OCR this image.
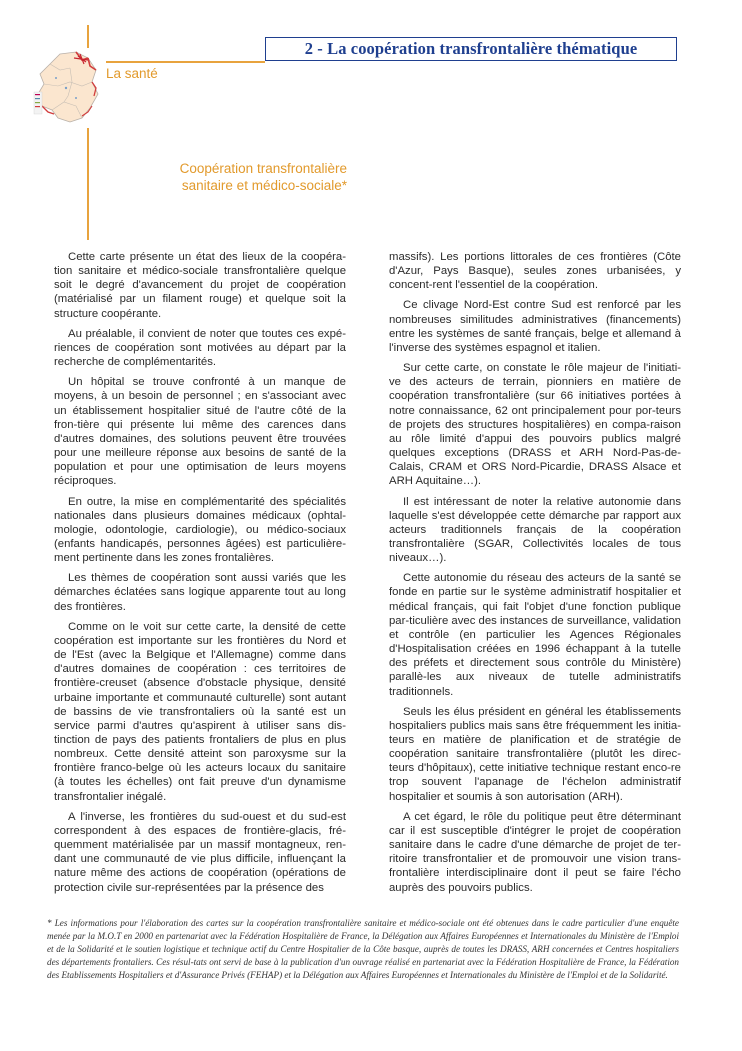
2 - La coopération transfrontalière thématique
La santé
Coopération transfrontalière
sanitaire et médico-sociale*

Cette carte présente un état des lieux de la coopéra-tion sanitaire et médico-sociale transfrontalière quelque soit le degré d'avancement du projet de coopération (matérialisé par un filament rouge) et quelque soit la structure coopérante.

Au préalable, il convient de noter que toutes ces expé-riences de coopération sont motivées au départ par la recherche de complémentarités.

Un hôpital se trouve confronté à un manque de moyens, à un besoin de personnel ; en s'associant avec un établissement hospitalier situé de l'autre côté de la fron-tière qui présente lui même des carences dans d'autres domaines, des solutions peuvent être trouvées pour une meilleure réponse aux besoins de santé de la population et pour une optimisation de leurs moyens réciproques.

En outre, la mise en complémentarité des spécialités nationales dans plusieurs domaines médicaux (ophtal-mologie, odontologie, cardiologie), ou médico-sociaux (enfants handicapés, personnes âgées) est particulière-ment pertinente dans les zones frontalières.

Les thèmes de coopération sont aussi variés que les démarches éclatées sans logique apparente tout au long des frontières.

Comme on le voit sur cette carte, la densité de cette coopération est importante sur les frontières du Nord et de l'Est (avec la Belgique et l'Allemagne) comme dans d'autres domaines de coopération : ces territoires de frontière-creuset (absence d'obstacle physique, densité urbaine importante et communauté culturelle) sont autant de bassins de vie transfrontaliers où la santé est un service parmi d'autres qu'aspirent à utiliser sans dis-tinction de pays des patients frontaliers de plus en plus nombreux. Cette densité atteint son paroxysme sur la frontière franco-belge où les acteurs locaux du sanitaire (à toutes les échelles) ont fait preuve d'un dynamisme transfrontalier inégalé.

A l'inverse, les frontières du sud-ouest et du sud-est correspondent à des espaces de frontière-glacis, fré-quemment matérialisée par un massif montagneux, ren-dant une communauté de vie plus difficile, influençant la nature même des actions de coopération (opérations de protection civile sur-représentées par la présence des

massifs). Les portions littorales de ces frontières (Côte d'Azur, Pays Basque), seules zones urbanisées, y concent-rent l'essentiel de la coopération.

Ce clivage Nord-Est contre Sud est renforcé par les nombreuses similitudes administratives (financements) entre les systèmes de santé français, belge et allemand à l'inverse des systèmes espagnol et italien.

Sur cette carte, on constate le rôle majeur de l'initiati-ve des acteurs de terrain, pionniers en matière de coopération transfrontalière (sur 66 initiatives portées à notre connaissance, 62 ont principalement pour por-teurs de projets des structures hospitalières) en compa-raison au rôle limité d'appui des pouvoirs publics malgré quelques exceptions (DRASS et ARH Nord-Pas-de-Calais, CRAM et ORS Nord-Picardie, DRASS Alsace et ARH Aquitaine…).

Il est intéressant de noter la relative autonomie dans laquelle s'est développée cette démarche par rapport aux acteurs traditionnels français de la coopération transfrontalière (SGAR, Collectivités locales de tous niveaux…).

Cette autonomie du réseau des acteurs de la santé se fonde en partie sur le système administratif hospitalier et médical français, qui fait l'objet d'une fonction publique par-ticulière avec des instances de surveillance, validation et contrôle (en particulier les Agences Régionales d'Hospitalisation créées en 1996 échappant à la tutelle des préfets et directement sous contrôle du Ministère) parallè-les aux niveaux de tutelle administratifs traditionnels.

Seuls les élus président en général les établissements hospitaliers publics mais sans être fréquemment les initia-teurs en matière de planification et de stratégie de coopération sanitaire transfrontalière (plutôt les direc-teurs d'hôpitaux), cette initiative technique restant enco-re trop souvent l'apanage de l'échelon administratif hospitalier et soumis à son autorisation (ARH).

A cet égard, le rôle du politique peut être déterminant car il est susceptible d'intégrer le projet de coopération sanitaire dans le cadre d'une démarche de projet de ter-ritoire transfrontalier et de promouvoir une vision trans-frontalière interdisciplinaire dont il peut se faire l'écho auprès des pouvoirs publics.

* Les informations pour l'élaboration des cartes sur la coopération transfrontalière sanitaire et médico-sociale ont été obtenues dans le cadre particulier d'une enquête menée par la M.O.T en 2000 en partenariat avec la Fédération Hospitalière de France, la Délégation aux Affaires Européennes et Internationales du Ministère de l'Emploi et de la Solidarité et le soutien logistique et technique actif du Centre Hospitalier de la Côte basque, auprès de toutes les DRASS, ARH concernées et Centres hospitaliers des départements frontaliers. Ces résul-tats ont servi de base à la publication d'un ouvrage réalisé en partenariat avec la Fédération Hospitalière de France, la Fédération des Etablissements Hospitaliers et d'Assurance Privés (FEHAP) et la Délégation aux Affaires Européennes et Internationales du Ministère de l'Emploi et de la Solidarité.
